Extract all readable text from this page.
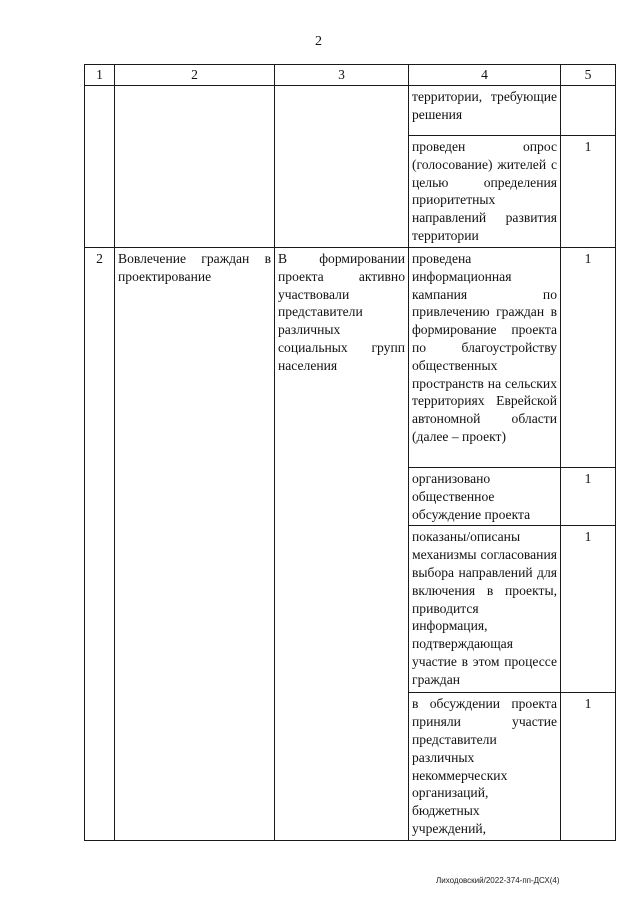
2
1	2	3	4	5
			территории, требующие решения	
			проведен опрос (голосование) жителей с целью определения приоритетных направлений развития территории	1
2	Вовлечение граждан в проектирование	В формировании проекта активно участвовали представители различных социальных групп населения	проведена информационная кампания по привлечению граждан в формирование проекта по благоустройству общественных пространств на сельских территориях Еврейской автономной области (далее – проект)	1
			организовано общественное обсуждение проекта	1
			показаны/описаны механизмы согласования выбора направлений для включения в проекты, приводится информация, подтверждающая участие в этом процессе граждан	1
			в обсуждении проекта приняли участие представители различных некоммерческих организаций, бюджетных учреждений,	1
Лиходовский/2022-374-пп-ДСХ(4)
